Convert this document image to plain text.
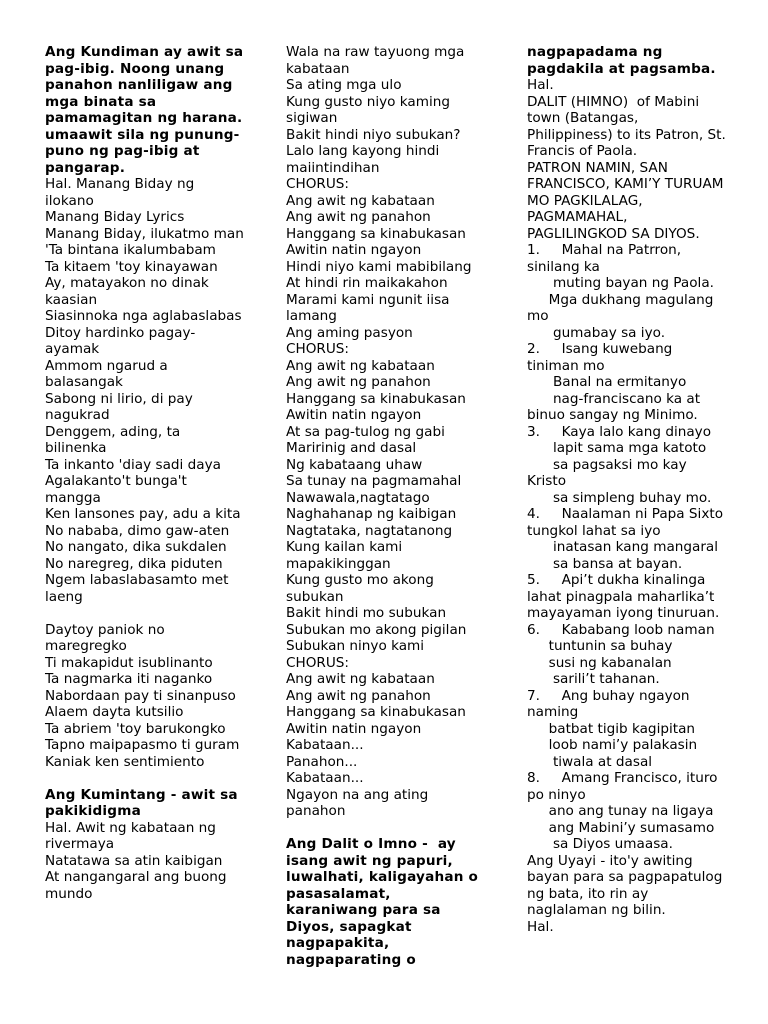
Ang Kundiman ay awit sa pag-ibig. Noong unang panahon nanliligaw ang mga binata sa pamamagitan ng harana. umaawit sila ng punung-puno ng pag-ibig at pangarap.
Hal. Manang Biday ng ilokano
Manang Biday Lyrics
Manang Biday, ilukatmo man
'Ta bintana ikalumbabam
Ta kitaem 'toy kinayawan
Ay, matayakon no dinak kaasian
Siasinnoka nga aglabaslabas
Ditoy hardinko pagay-ayamak
Ammom ngarud a balasangak
Sabong ni lirio, di pay nagukrad
Denggem, ading, ta bilinenka
Ta inkanto 'diay sadi daya
Agalakanto't bunga't mangga
Ken lansones pay, adu a kita
No nababa, dimo gaw-aten
No nangato, dika sukdalen
No naregreg, dika piduten
Ngem labaslabasamto met laeng
Daytoy paniok no maregregko
Ti makapidut isublinanto
Ta nagmarka iti naganko
Nabordaan pay ti sinanpuso
Alaem dayta kutsilio
Ta abriem 'toy barukongko
Tapno maipapasmo ti guram
Kaniak ken sentimiento
Ang Kumintang - awit sa pakikidigma
Hal. Awit ng kabataan ng rivermaya
Natatawa sa atin kaibigan
At nangangaral ang buong mundo
Wala na raw tayuong mga kabataan
Sa ating mga ulo
Kung gusto niyo kaming sigiwan
Bakit hindi niyo subukan?
Lalo lang kayong hindi maiintindihan
CHORUS:
Ang awit ng kabataan
Ang awit ng panahon
Hanggang sa kinabukasan
Awitin natin ngayon
Hindi niyo kami mabibilang
At hindi rin maikakahon
Marami kami ngunit iisa lamang
Ang aming pasyon
CHORUS:
Ang awit ng kabataan
Ang awit ng panahon
Hanggang sa kinabukasan
Awitin natin ngayon
At sa pag-tulog ng gabi
Maririnig and dasal
Ng kabataang uhaw
Sa tunay na pagmamahal
Nawawala,nagtatago
Naghahanap ng kaibigan
Nagtataka, nagtatanong
Kung kailan kami mapakikinggan
Kung gusto mo akong subukan
Bakit hindi mo subukan
Subukan mo akong pigilan
Subukan ninyo kami
CHORUS:
Ang awit ng kabataan
Ang awit ng panahon
Hanggang sa kinabukasan
Awitin natin ngayon
Kabataan...
Panahon...
Kabataan...
Ngayon na ang ating panahon
Ang Dalit o Imno -  ay isang awit ng papuri, luwalhati, kaligayahan o pasasalamat, karaniwang para sa Diyos, sapagkat nagpapakita, nagpaparating o
nagpapadama ng pagdakila at pagsamba.
Hal.
DALIT (HIMNO)  of Mabini town (Batangas, Philippiness) to its Patron, St. Francis of Paola.
PATRON NAMIN, SAN FRANCISCO, KAMI’Y TURUAM MO PAGKILALAG, PAGMAMAHAL, PAGLILINGKOD SA DIYOS.
1.     Mahal na Patrron, sinilang ka
muting bayan ng Paola.
Mga dukhang magulang mo
gumabay sa iyo.
2.     Isang kuwebang tiniman mo
Banal na ermitanyo
nag-franciscano ka at binuo sangay ng Minimo.
3.     Kaya lalo kang dinayo
lapit sama mga katoto
sa pagsaksi mo kay Kristo
sa simpleng buhay mo.
4.     Naalaman ni Papa Sixto      tungkol lahat sa iyo
inatasan kang mangaral
sa bansa at bayan.
5.     Api’t dukha kinalinga lahat pinagpala maharlika’t mayayaman iyong tinuruan.
6.     Kababang loob naman
tuntunin sa buhay
susi ng kabanalan
sarili’t tahanan.
7.     Ang buhay ngayon naming
batbat tigib kagipitan
loob nami’y palakasin
tiwala at dasal
8.     Amang Francisco, ituro po ninyo
ano ang tunay na ligaya
ang Mabini’y sumasamo
sa Diyos umaasa.
Ang Uyayi - ito'y awiting bayan para sa pagpapatulog ng bata, ito rin ay naglalaman ng bilin.
Hal.
